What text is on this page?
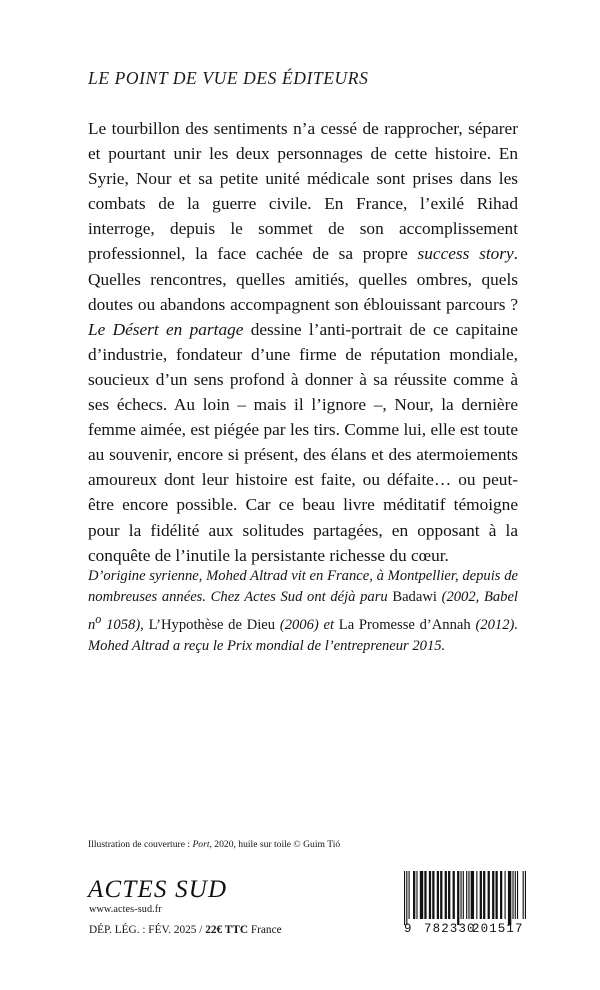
LE POINT DE VUE DES ÉDITEURS
Le tourbillon des sentiments n’a cessé de rapprocher, séparer et pourtant unir les deux personnages de cette histoire. En Syrie, Nour et sa petite unité médicale sont prises dans les combats de la guerre civile. En France, l’exilé Rihad interroge, depuis le sommet de son accomplissement professionnel, la face cachée de sa propre success story. Quelles rencontres, quelles amitiés, quelles ombres, quels doutes ou abandons accompagnent son éblouissant parcours ? Le Désert en partage dessine l’anti-portrait de ce capitaine d’industrie, fondateur d’une firme de réputation mondiale, soucieux d’un sens profond à donner à sa réussite comme à ses échecs. Au loin – mais il l’ignore –, Nour, la dernière femme aimée, est piégée par les tirs. Comme lui, elle est toute au souvenir, encore si présent, des élans et des atermoiements amoureux dont leur histoire est faite, ou défaite… ou peut-être encore possible. Car ce beau livre méditatif témoigne pour la fidélité aux solitudes partagées, en opposant à la conquête de l’inutile la persistante richesse du cœur.
D’origine syrienne, Mohed Altrad vit en France, à Montpellier, depuis de nombreuses années. Chez Actes Sud ont déjà paru Badawi (2002, Babel $n^o$ 1058), L’Hypothèse de Dieu (2006) et La Promesse d’Annah (2012). Mohed Altrad a reçu le Prix mondial de l’entrepreneur 2015.
Illustration de couverture : Port, 2020, huile sur toile © Guim Tió
ACTES SUD
www.actes-sud.fr
DÉP. LÉG. : FÉV. 2025 / 22€ TTC France	9 782330
201517
